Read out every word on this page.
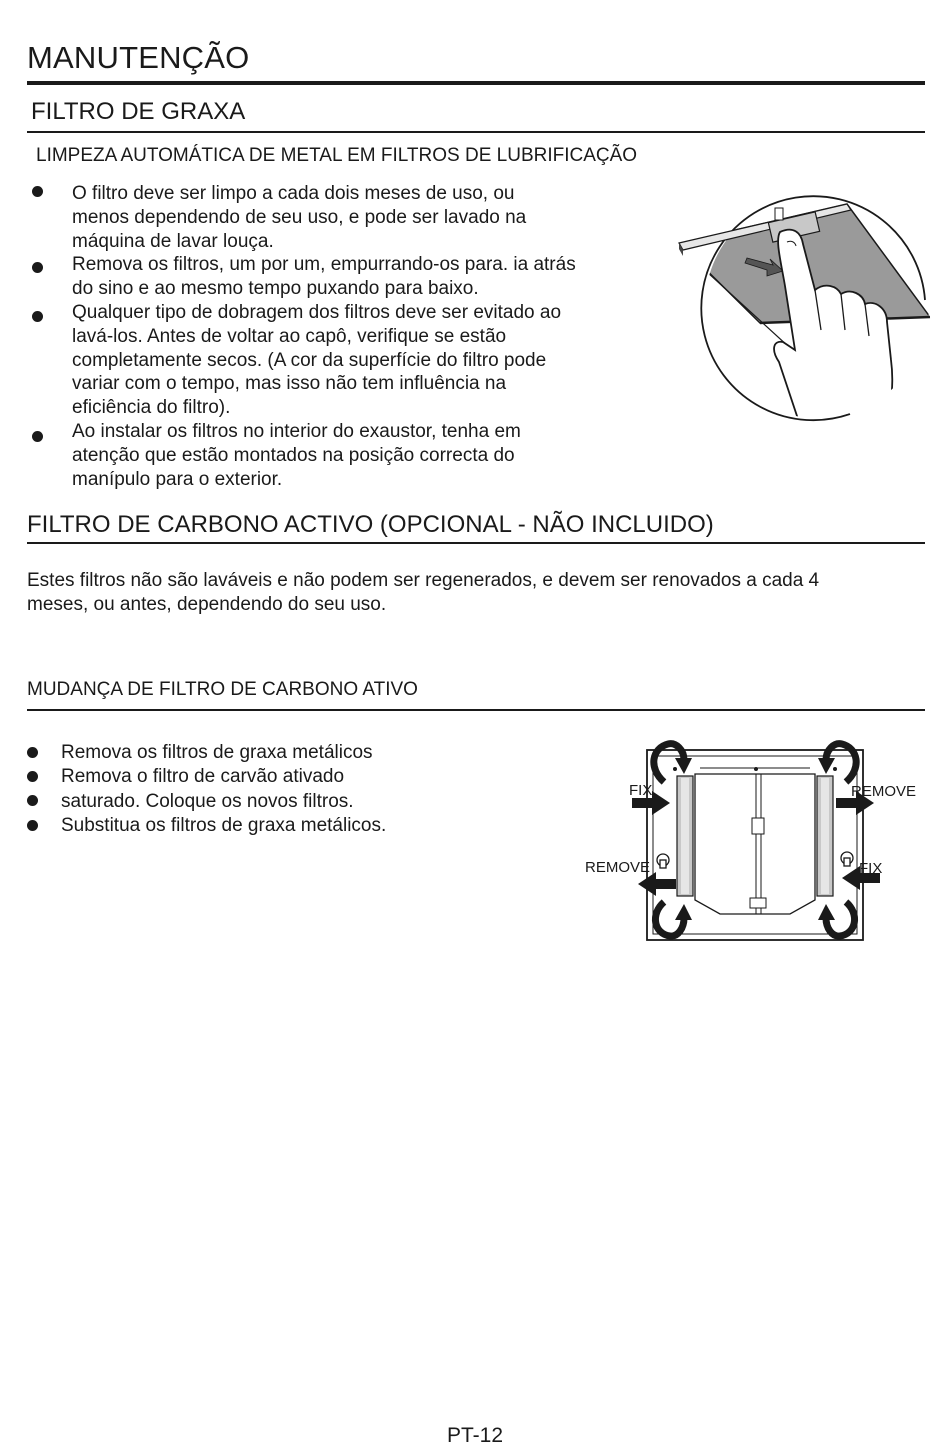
MANUTENÇÃO
FILTRO DE GRAXA
LIMPEZA AUTOMÁTICA DE METAL EM FILTROS DE LUBRIFICAÇÃO
O filtro deve ser limpo a cada dois meses de uso, ou
menos dependendo de seu uso, e pode ser lavado na
máquina de lavar louça.
Remova os filtros, um por um, empurrando-os para. ia atrás
do sino e ao mesmo tempo puxando para baixo.
Qualquer tipo de dobragem dos filtros deve ser evitado ao
lavá-los. Antes de voltar ao capô, verifique se estão
completamente secos. (A cor da superfície do filtro pode
variar com o tempo, mas isso não tem influência na
eficiência do filtro).
Ao instalar os filtros no interior do exaustor, tenha em
atenção que estão montados na posição correcta do
manípulo para o exterior.
FILTRO DE CARBONO ACTIVO (OPCIONAL - NÃO INCLUIDO)
Estes filtros não são laváveis e não podem ser regenerados, e devem ser renovados a cada 4
meses, ou antes, dependendo do seu uso.
MUDANÇA DE FILTRO DE CARBONO ATIVO
Remova os filtros de graxa metálicos
Remova o filtro de carvão ativado
saturado. Coloque os novos filtros.
Substitua os filtros de graxa metálicos.
FIX	REMOVE
REMOVE	FIX
PT-12
